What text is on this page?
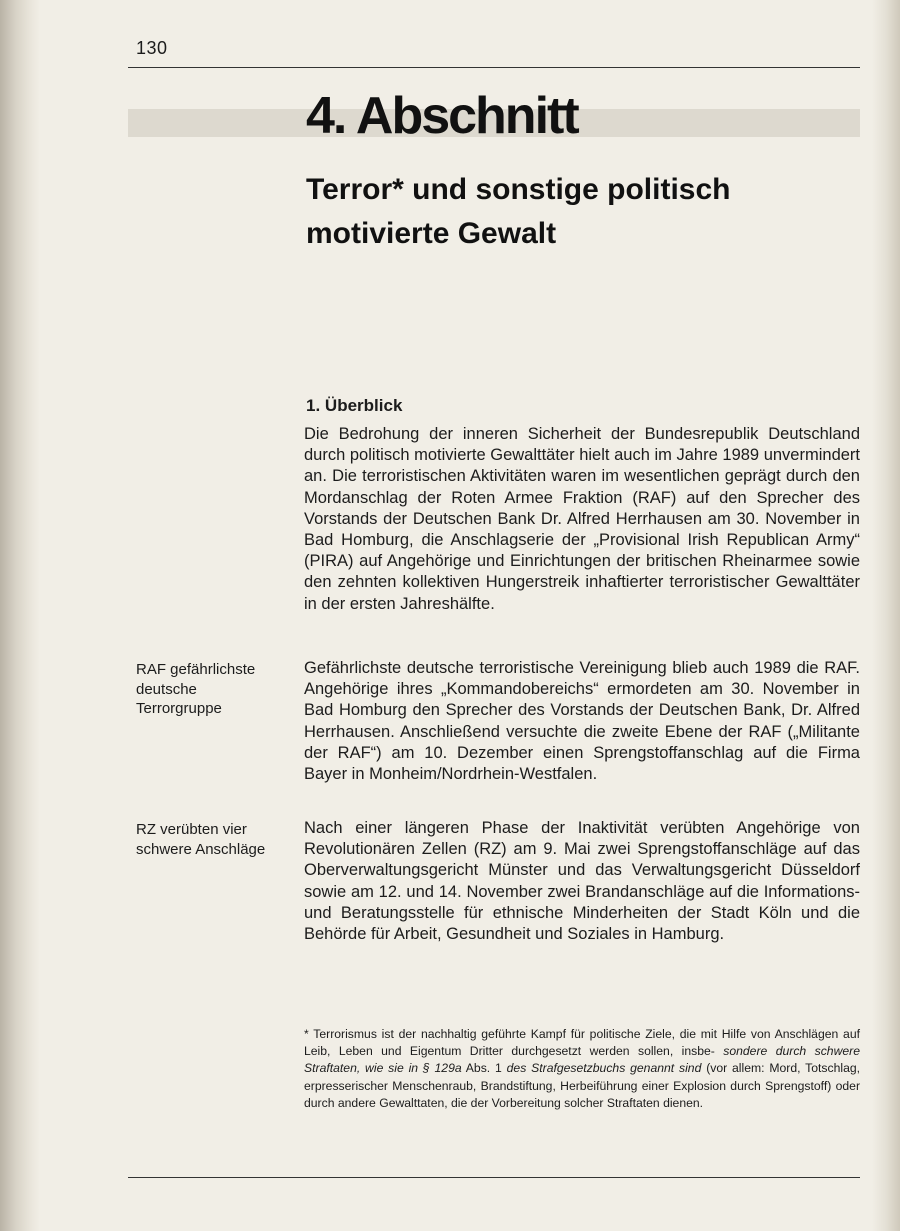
130
4. Abschnitt
Terror* und sonstige politisch motivierte Gewalt
1. Überblick

Die Bedrohung der inneren Sicherheit der Bundesrepublik Deutschland durch politisch motivierte Gewalttäter hielt auch im Jahre 1989 unvermindert an. Die terroristischen Aktivitäten waren im wesentlichen geprägt durch den Mordanschlag der Roten Armee Fraktion (RAF) auf den Sprecher des Vorstands der Deutschen Bank Dr. Alfred Herrhausen am 30. November in Bad Homburg, die Anschlagserie der „Provisional Irish Republican Army“ (PIRA) auf Angehörige und Einrichtungen der britischen Rheinarmee sowie den zehnten kollektiven Hungerstreik inhaftierter terroristischer Gewalttäter in der ersten Jahreshälfte.

RAF gefährlichste deutsche Terrorgruppe

Gefährlichste deutsche terroristische Vereinigung blieb auch 1989 die RAF. Angehörige ihres „Kommandobereichs“ ermordeten am 30. November in Bad Homburg den Sprecher des Vorstands der Deutschen Bank, Dr. Alfred Herrhausen. Anschließend versuchte die zweite Ebene der RAF („Militante der RAF“) am 10. Dezember einen Sprengstoffanschlag auf die Firma Bayer in Monheim/Nordrhein-Westfalen.

RZ verübten vier schwere Anschläge

Nach einer längeren Phase der Inaktivität verübten Angehörige von Revolutionären Zellen (RZ) am 9. Mai zwei Sprengstoffanschläge auf das Oberverwaltungsgericht Münster und das Verwaltungsgericht Düsseldorf sowie am 12. und 14. November zwei Brandanschläge auf die Informations- und Beratungsstelle für ethnische Minderheiten der Stadt Köln und die Behörde für Arbeit, Gesundheit und Soziales in Hamburg.

* Terrorismus ist der nachhaltig geführte Kampf für politische Ziele, die mit Hilfe von Anschlägen auf Leib, Leben und Eigentum Dritter durchgesetzt werden sollen, insbe- sondere durch schwere Straftaten, wie sie in § 129a Abs. 1 des Strafgesetzbuchs genannt sind (vor allem: Mord, Totschlag, erpresserischer Menschenraub, Brandstiftung, Herbeiführung einer Explosion durch Sprengstoff) oder durch andere Gewalttaten, die der Vorbereitung solcher Straftaten dienen.
